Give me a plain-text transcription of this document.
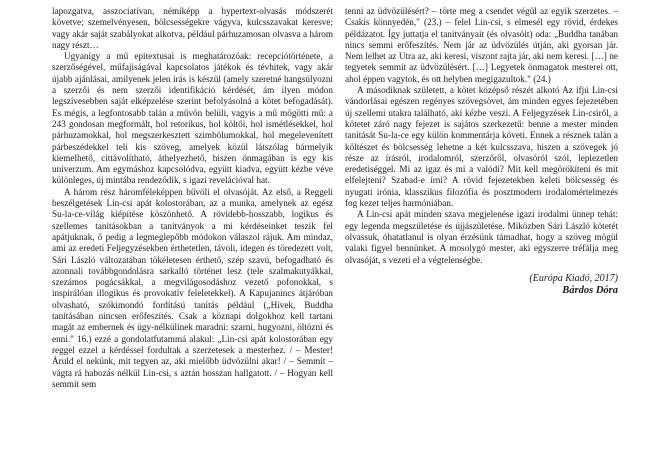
lapozgatva, asszociatívan, némiképp a hypertext-olvasás módszerét követve; szemelvényesen, bölcsességekre vágyva, kulcsszavakat keresve; vagy akár saját szabályokat alkotva, például párhuzamosan olvasva a három nagy részt…

Ugyanígy a mű epitextusai is meghatározóak: recepciótörténete, a szerzőségével, műfajiságával kapcsolatos játékok és tévhitek, vagy akár újabb ajánlásai, amilyenek jelen írás is készül (amely szeretné hangsúlyozni a szerzői és nem szerzői identifikáció kérdését, ám ilyen módon legszívesebben saját elképzelése szerint befolyásolná a kötet befogadását). Es mégis, a legfontosabb talán a művön belüli, vagyis a mű mögötti mű: a 243 gondosan megformált, hol retorikus, hol költői, hol ismétlésekkel, hol párhuzamokkal, hol megszerkesztett szimbólumokkal, hol megelevenített párbeszédekkel teli kis szöveg, amelyek közül látszólag bármelyik kiemelhető, cittávolítható, áthelyezhető, hiszen önmagában is egy kis univerzum. Am egymáshoz kapcsolódva, együtt kiadva, együtt kézbe véve különleges, új mintába rendeződik, s igazi revelációval hat.

A három rész háromféleképpen bűvöli el olvasóját. Az első, a Reggeli beszélgetések Lin-csi apát kolostorában, az a munka, amelynek az egész Su-la-ce-világ kiépítése köszönhető. A rövidebb-hosszabb, logikus és szellemes tanításokban a tanítványok a mi kérdéseinket teszik fel apátjuknak, ő pedig a legmeglepőbb módokon válaszol rájuk. Am mindaz, ami az eredeti Feljegyzésekben érthetetlen, távoli, idegen és töredezett volt, Sári László változatában tökéletesen érthető, szép szavú, befogadható és azonnali továbbgondolásra sarkalló történet lesz (tele szalmakutyákkal, szezámos pogácsákkal, a megvilágosodáshoz vezető pofonokkal, s inspirálóan illogikus és provokatív feleletekkel). A Kapujanincs átjáróban olvasható, szókimondó fordítású tanítás például („Hívek, Buddha tanításában nincsen erőfeszítés. Csak a köznapi dolgokhoz kell tartani magát az embernek és ügy-nélkülinek maradni: szarni, hugyozni, öltözni és enni." 16.) ezzé a gondolatfutammá alakul: „Lin-csi apát kolostorában egy reggel ezzel a kérdéssel fordultak a szerzetesek a mesterhez. / – Mester! Áruld el nekünk, mit tegyen az, aki mielőbb üdvözülni akar! / – Semmit – vágta rá habozás nélkül Lin-csi, s aztán hosszan hallgatott. / – Hogyan kell semmit sem

tenni az üdvözülésért? – törte meg a csendet végül az egyik szerzetes. – Csakis könnyedén," (23.) – felel Lin-csi, s elmesél egy rövid, érdekes példázatot. Így juttatja el tanítványait (és olvasóit) oda: „Buddha tanában nincs semmi erőfeszítés. Nem jár az üdvözülés útján, aki gyorsan jár. Nem lelhet az Utra az, aki keresi, viszont rajta jár, aki nem keresi. […] ne tegyetek semmit az üdvözülésért. […] Legyetek önmagatok mesterei ott, ahol éppen vagytok, és ott helyben megigazultok." (24.)

A másodiknak született, a kötet középső részét alkotó Az ifjú Lin-csi vándorlásai egészen regényes szövegsövet, ám minden egyes fejezetében új szellemi utakra található, akí kézbe veszi. A Feljegyzések Lin-csiről, a kötetet záró nagy fejezet is sajátos szerkezetű: benne a mester minden tanítását Su-la-ce egy külön kommentárja követi. Ennek a résznek talán a költészet és bölcsesség lehetne a két kulcsszava, hiszen a szövegek jó része az írásról, irodalomról, szerzőről, olvasóról szól, leplezetlen eredetiséggel. Mi az igaz és mi a valódi? Mit kell megörökíteni és mit elfelejteni? Szabad-e írni? A rövid fejezetekben keleti bölcsesség és nyugati irónia, klasszikus filozófia és posztmodern irodalomértelmezés fog kezet teljes harmóniában.

A Lin-csi apát minden szava megjelenése igazi irodalmi ünnep tehát: egy legenda megszületése és újjászületése. Miközben Sári László kötetét olvassuk, óhatatlanul is olyan érzésünk támadhat, hogy a szöveg mögül valaki figyel bennünket. A mosolygó mester, aki egyszerre tréfálja meg olvasóját, s vezeti el a végtelenségbe.

(Európa Kiadó, 2017)

Bárdos Dóra
